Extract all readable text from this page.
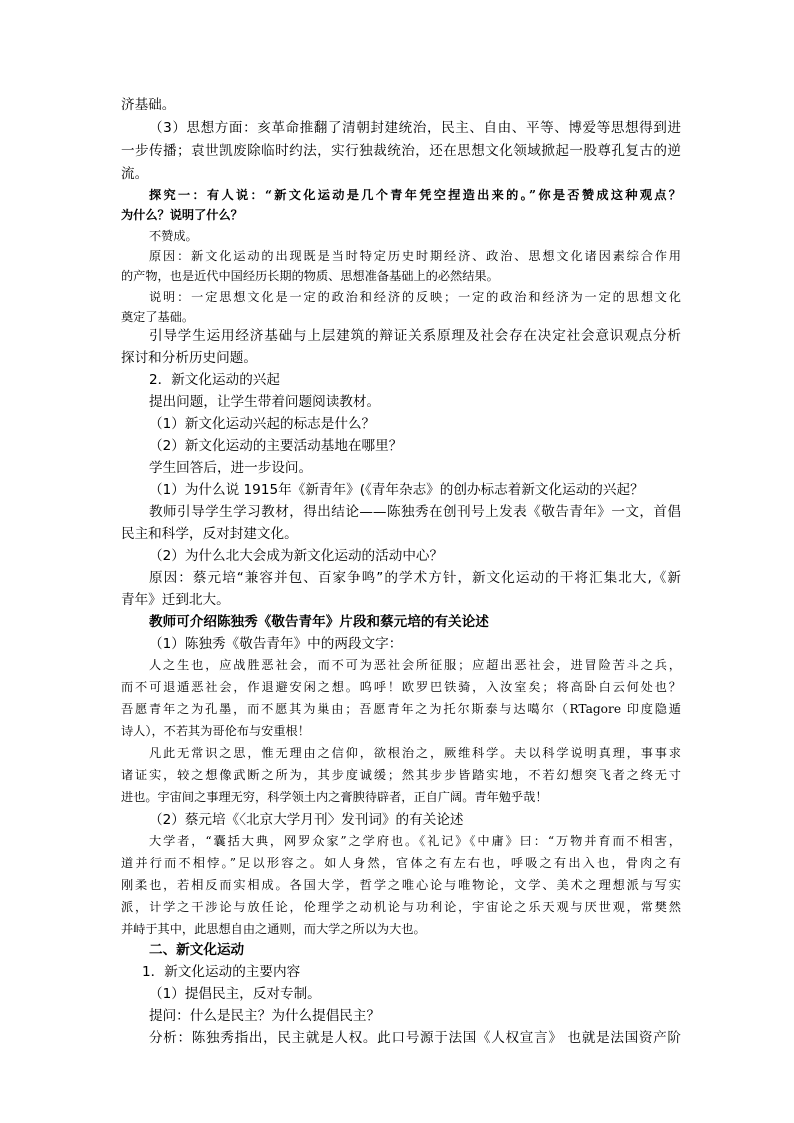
济基础。
（3）思想方面：亥革命推翻了清朝封建统治，民主、自由、平等、博爱等思想得到进
一步传播；袁世凯废除临时约法，实行独裁统治，还在思想文化领域掀起一股尊孔复古的逆
流。
探究一：有人说：“新文化运动是几个青年凭空捏造出来的。”你是否赞成这种观点？
为什么？说明了什么？
不赞成。
原因：新文化运动的出现既是当时特定历史时期经济、政治、思想文化诸因素综合作用
的产物，也是近代中国经历长期的物质、思想准备基础上的必然结果。
说明：一定思想文化是一定的政治和经济的反映；一定的政治和经济为一定的思想文化
奠定了基础。
引导学生运用经济基础与上层建筑的辩证关系原理及社会存在决定社会意识观点分析
探讨和分析历史问题。
2．新文化运动的兴起
提出问题，让学生带着问题阅读教材。
（1）新文化运动兴起的标志是什么？
（2）新文化运动的主要活动基地在哪里？
学生回答后，进一步设问。
（1）为什么说 1915年《新青年》(《青年杂志》的创办标志着新文化运动的兴起？
教师引导学生学习教材，得出结论——陈独秀在创刊号上发表《敬告青年》一文，首倡
民主和科学，反对封建文化。
（2）为什么北大会成为新文化运动的活动中心？
原因：蔡元培“兼容并包、百家争鸣”的学术方针，新文化运动的干将汇集北大,《新
青年》迁到北大。
教师可介绍陈独秀《敬告青年》片段和蔡元培的有关论述
（1）陈独秀《敬告青年》中的两段文字：
人之生也，应战胜恶社会，而不可为恶社会所征服；应超出恶社会，进冒险苦斗之兵，
而不可退遁恶社会，作退避安闲之想。呜呼！欧罗巴铁骑，入汝室矣；将高卧白云何处也？
吾愿青年之为孔墨，而不愿其为巢由；吾愿青年之为托尔斯泰与达噶尔（RTagore 印度隐遁
诗人），不若其为哥伦布与安重根！
凡此无常识之思，惟无理由之信仰，欲根治之，厥维科学。夫以科学说明真理，事事求
诸证实，较之想像武断之所为，其步度诚缓；然其步步皆踏实地，不若幻想突飞者之终无寸
进也。宇宙间之事理无穷，科学领土内之膏腴待辟者，正自广阔。青年勉乎哉！
（2）蔡元培《〈北京大学月刊〉发刊词》的有关论述
大学者，“囊括大典，网罗众家”之学府也。《礼记》《中庸》曰：“万物并育而不相害，
道并行而不相悖。”足以形容之。如人身然，官体之有左右也，呼吸之有出入也，骨肉之有
刚柔也，若相反而实相成。各国大学，哲学之唯心论与唯物论，文学、美术之理想派与写实
派，计学之干涉论与放任论，伦理学之动机论与功利论，宇宙论之乐天观与厌世观，常樊然
并峙于其中，此思想自由之通则，而大学之所以为大也。
二、新文化运动
1．新文化运动的主要内容
（1）提倡民主，反对专制。
提问：什么是民主？为什么提倡民主？
分析：陈独秀指出，民主就是人权。此口号源于法国《人权宣言》 也就是法国资产阶
